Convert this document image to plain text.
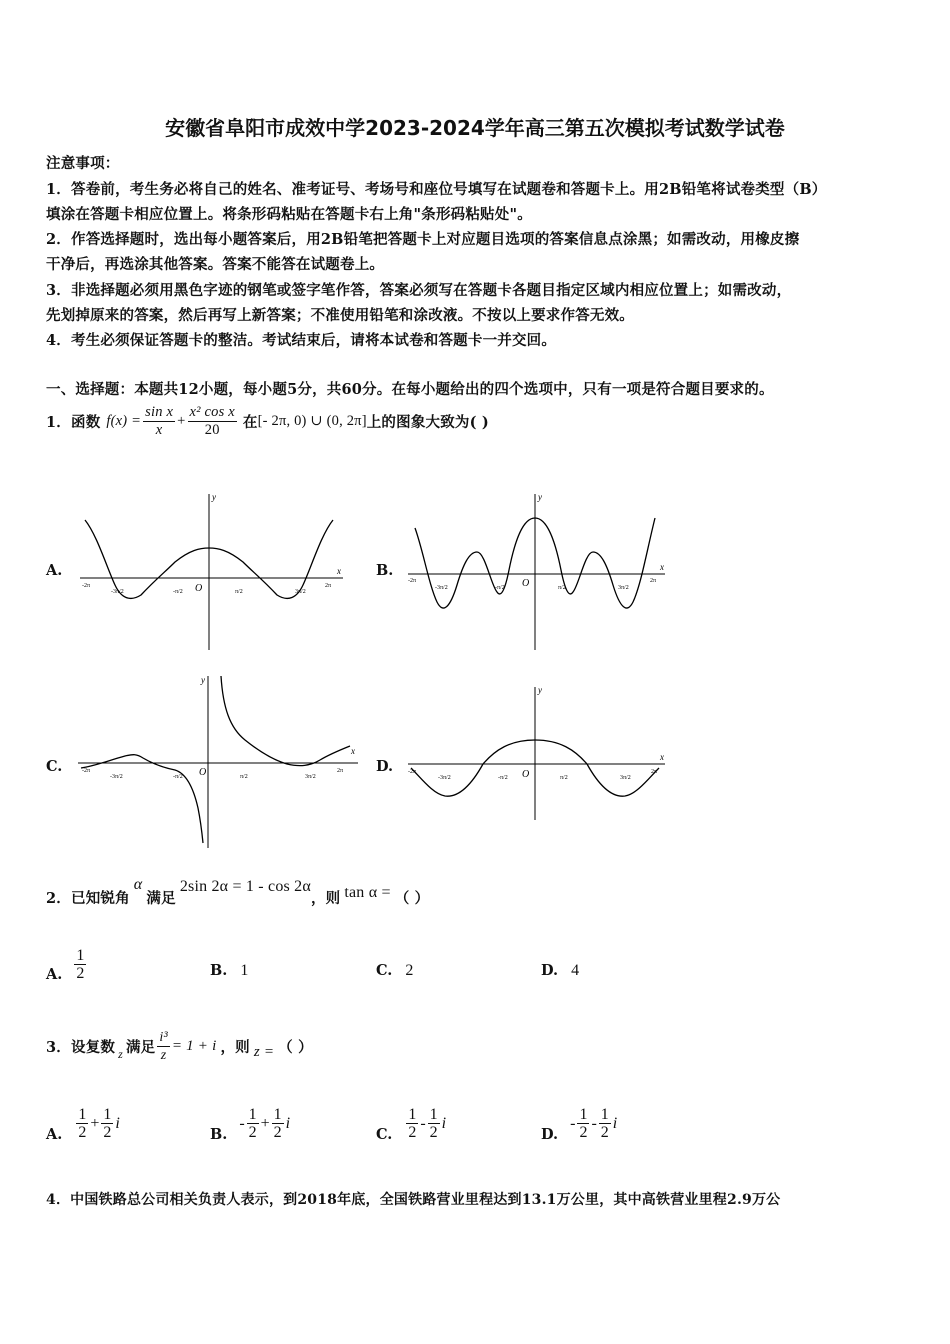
安徽省阜阳市成效中学2023-2024学年高三第五次模拟考试数学试卷
注意事项：
1．答卷前，考生务必将自己的姓名、准考证号、考场号和座位号填写在试题卷和答题卡上。用2B铅笔将试卷类型（B）
填涂在答题卡相应位置上。将条形码粘贴在答题卡右上角"条形码粘贴处"。
2．作答选择题时，选出每小题答案后，用2B铅笔把答题卡上对应题目选项的答案信息点涂黑；如需改动，用橡皮擦
干净后，再选涂其他答案。答案不能答在试题卷上。
3．非选择题必须用黑色字迹的钢笔或签字笔作答，答案必须写在答题卡各题目指定区域内相应位置上；如需改动，
先划掉原来的答案，然后再写上新答案；不准使用铅笔和涂改液。不按以上要求作答无效。
4．考生必须保证答题卡的整洁。考试结束后，请将本试卷和答题卡一并交回。
一、选择题：本题共12小题，每小题5分，共60分。在每小题给出的四个选项中，只有一项是符合题目要求的。
1．函数 $f(x) = \frac{\text{sin x}}{x} + \frac{\text{x² cos x}}{20}$ 在 [- 2π, 0) ∪ (0, 2π] 上的图象大致为( )
A.	B.
C.	D.
x
y
O
-2π
-3π/2	-π/2	π/2	3π/2
2π
x
y
O
-2π
-3π/2	-π/2	π/2	3π/2
2π
x
y
O
-2π
-3π/2	-π/2	π/2	3π/2
2π
x
y
O
-2π
-3π/2	-π/2	π/2	3π/2
2π
2．已知锐角
α
满足
2sin 2α = 1 - cos 2α
，则 tan α = （ ）
A. $\frac{1}{2}$	B. 1	C. 2	D. 4
3．设复数 z 满足 $\frac{\text{i³}}{z} = 1 + i$ ，则 z = （ ）
A. $\frac{1}{2} + \frac{1}{2}$ i
B.
- $\frac{1}{2} + \frac{1}{2}$ i
C. $\frac{1}{2} - \frac{1}{2}$ i
D.
- $\frac{1}{2} - \frac{1}{2}$ i
4．中国铁路总公司相关负责人表示，到2018年底，全国铁路营业里程达到13.1万公里，其中高铁营业里程2.9万公
